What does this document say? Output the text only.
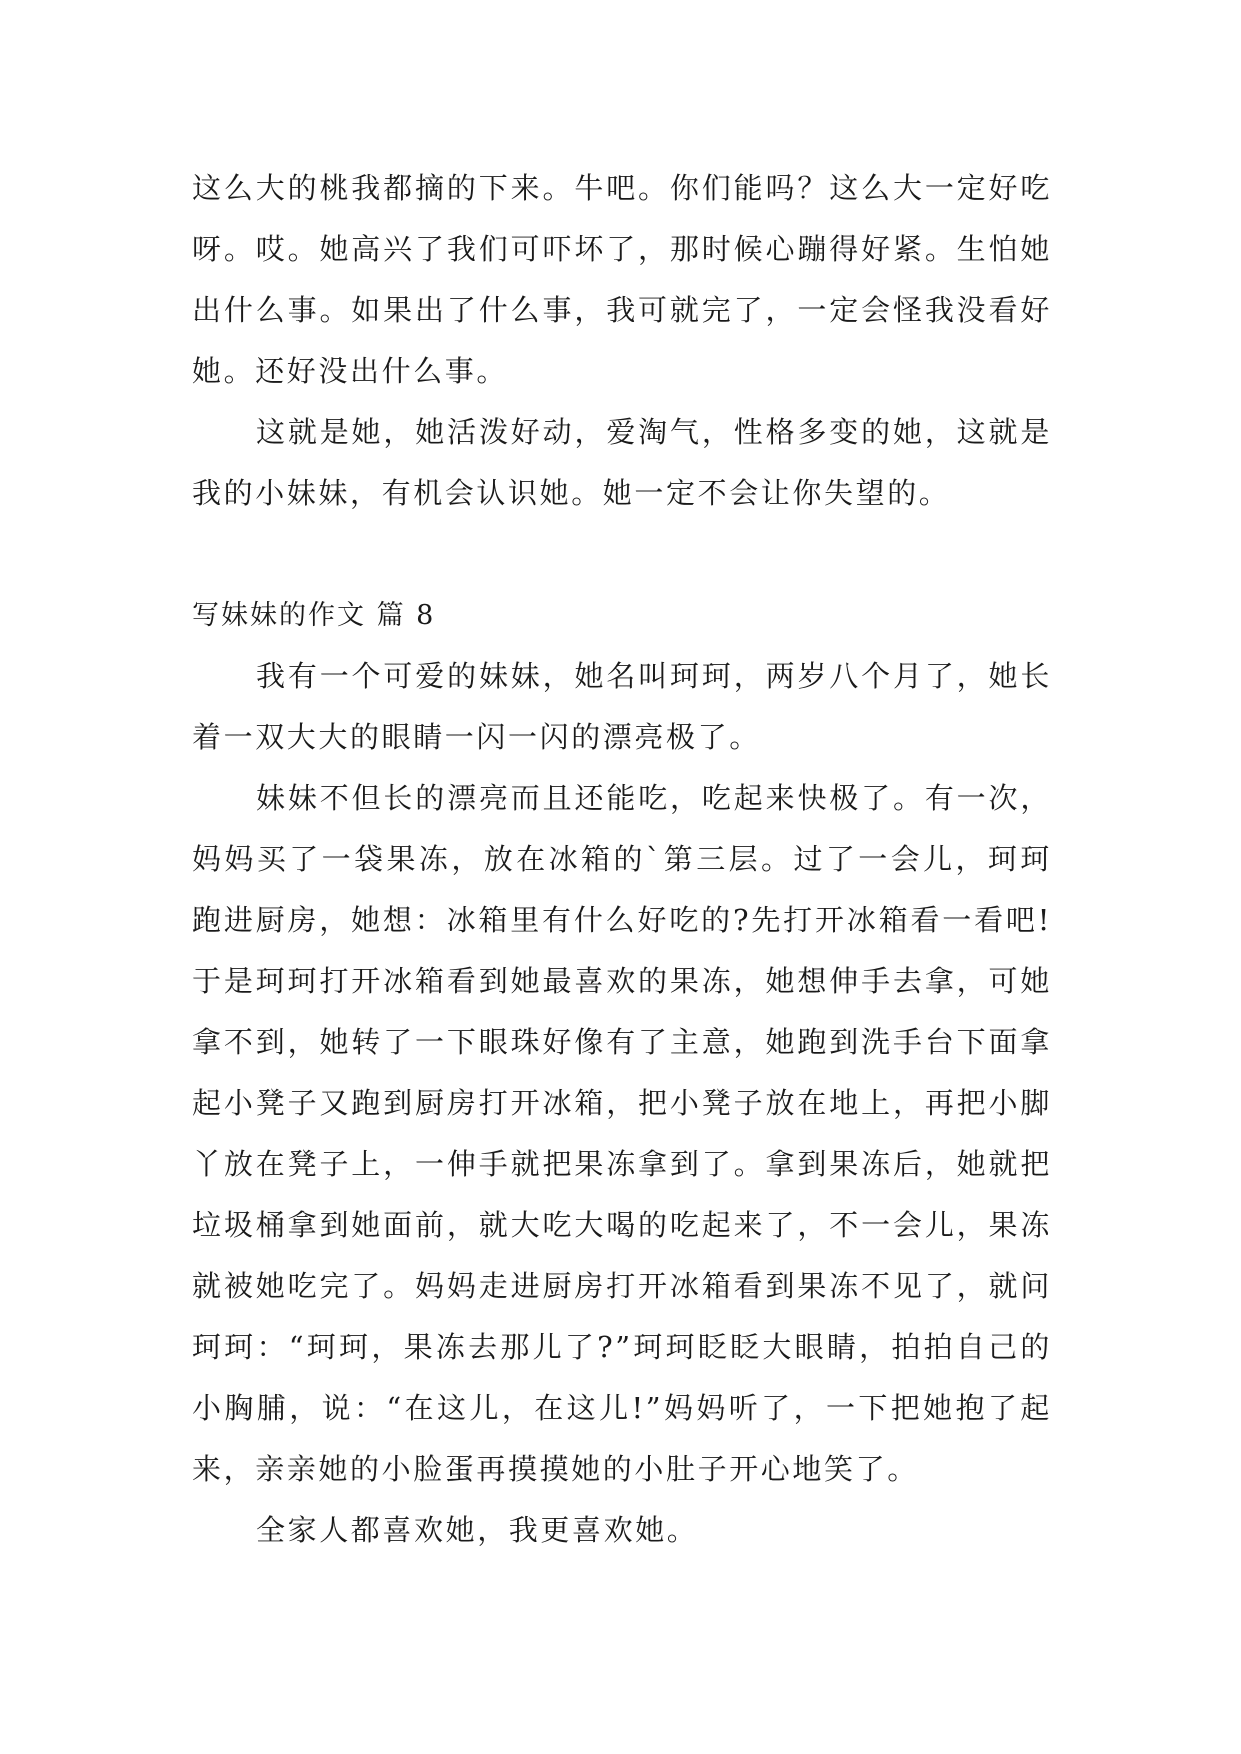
这么大的桃我都摘的下来。牛吧。你们能吗？这么大一定好吃呀。哎。她高兴了我们可吓坏了，那时候心蹦得好紧。生怕她出什么事。如果出了什么事，我可就完了，一定会怪我没看好她。还好没出什么事。

这就是她，她活泼好动，爱淘气，性格多变的她，这就是我的小妹妹，有机会认识她。她一定不会让你失望的。

写妹妹的作文 篇 8

我有一个可爱的妹妹，她名叫珂珂，两岁八个月了，她长着一双大大的眼睛一闪一闪的漂亮极了。

妹妹不但长的漂亮而且还能吃，吃起来快极了。有一次，妈妈买了一袋果冻，放在冰箱的`第三层。过了一会儿，珂珂跑进厨房，她想：冰箱里有什么好吃的?先打开冰箱看一看吧!于是珂珂打开冰箱看到她最喜欢的果冻，她想伸手去拿，可她拿不到，她转了一下眼珠好像有了主意，她跑到洗手台下面拿起小凳子又跑到厨房打开冰箱，把小凳子放在地上，再把小脚丫放在凳子上，一伸手就把果冻拿到了。拿到果冻后，她就把垃圾桶拿到她面前，就大吃大喝的吃起来了，不一会儿，果冻就被她吃完了。妈妈走进厨房打开冰箱看到果冻不见了，就问珂珂：“珂珂，果冻去那儿了?”珂珂眨眨大眼睛，拍拍自己的小胸脯，说：“在这儿，在这儿!”妈妈听了，一下把她抱了起来，亲亲她的小脸蛋再摸摸她的小肚子开心地笑了。

全家人都喜欢她，我更喜欢她。
